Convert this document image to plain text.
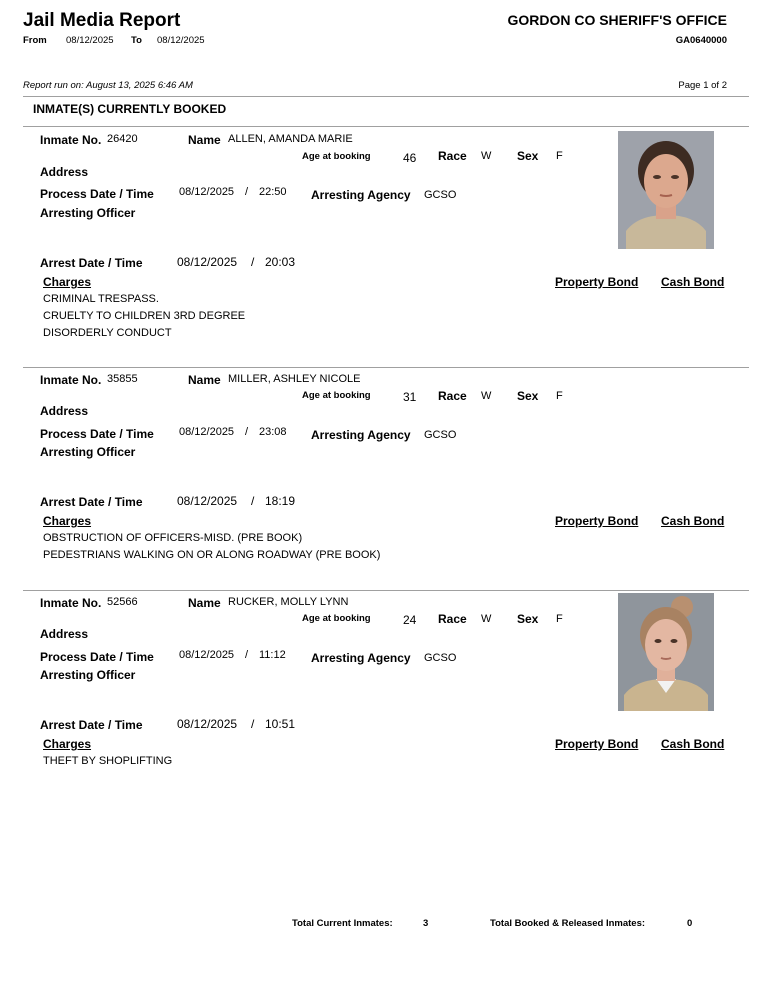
Jail Media Report
From 08/12/2025 To 08/12/2025
GORDON CO SHERIFF'S OFFICE
GA0640000
Report run on: August 13, 2025 6:46 AM	Page 1 of 2
INMATE(S) CURRENTLY BOOKED
Inmate No. 26420	Name ALLEN, AMANDA MARIE
Age at booking	46 Race W Sex F
Address
Process Date / Time 08/12/2025 / 22:50 Arresting Agency GCSO
Arresting Officer
Arrest Date / Time	08/12/2025 / 20:03
Charges	Property Bond Cash Bond
CRIMINAL TRESPASS.
CRUELTY TO CHILDREN 3RD DEGREE
DISORDERLY CONDUCT
Inmate No. 35855	Name MILLER, ASHLEY NICOLE
Age at booking	31 Race W Sex F
Address
Process Date / Time 08/12/2025 / 23:08 Arresting Agency GCSO
Arresting Officer
Arrest Date / Time	08/12/2025 / 18:19
Charges	Property Bond Cash Bond
OBSTRUCTION OF OFFICERS-MISD. (PRE BOOK)
PEDESTRIANS WALKING ON OR ALONG ROADWAY (PRE BOOK)
Inmate No. 52566	Name RUCKER, MOLLY LYNN
Age at booking	24 Race W Sex F
Address
Process Date / Time 08/12/2025 / 11:12 Arresting Agency GCSO
Arresting Officer
Arrest Date / Time	08/12/2025 / 10:51
Charges	Property Bond Cash Bond
THEFT BY SHOPLIFTING
Total Current Inmates:	3	Total Booked & Released Inmates:	0
